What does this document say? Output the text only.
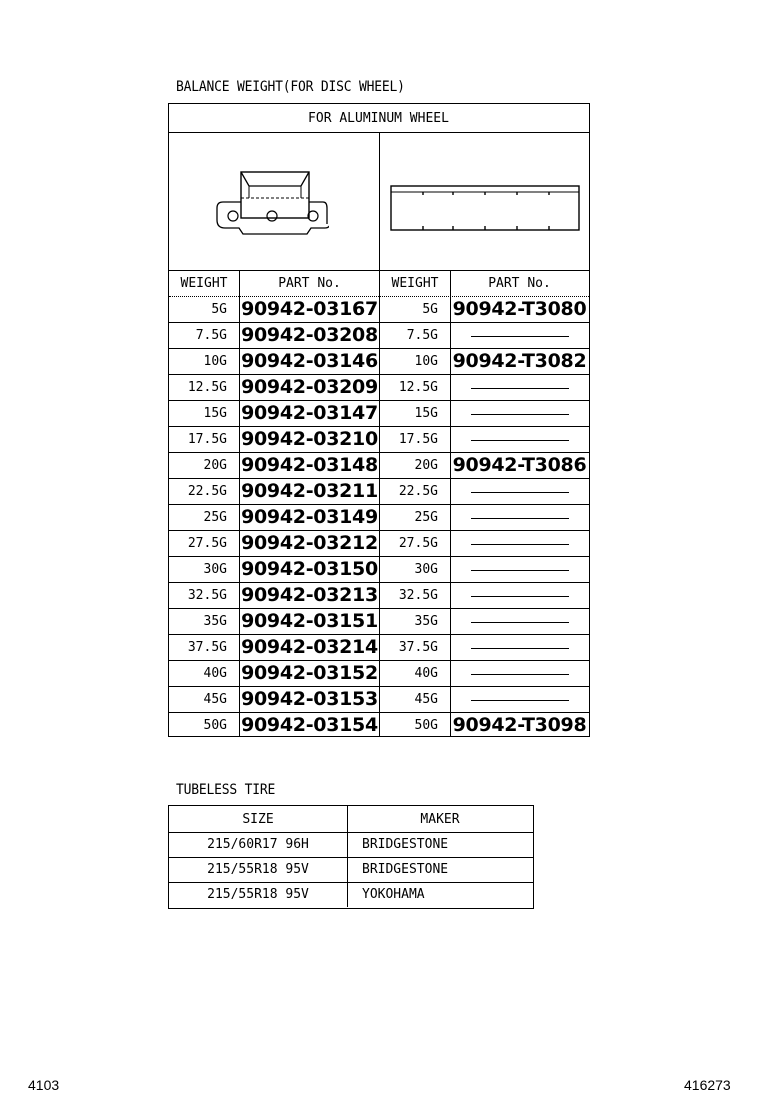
BALANCE WEIGHT(FOR DISC WHEEL)
FOR ALUMINUM WHEEL
WEIGHT	PART No.	WEIGHT	PART No.
5G 90942-03167	5G 90942-T3080
7.5G 90942-03208	7.5G
10G 90942-03146	10G 90942-T3082
12.5G 90942-03209	12.5G
15G 90942-03147	15G
17.5G 90942-03210	17.5G
20G 90942-03148	20G 90942-T3086
22.5G 90942-03211	22.5G
25G 90942-03149	25G
27.5G 90942-03212	27.5G
30G 90942-03150	30G
32.5G 90942-03213	32.5G
35G 90942-03151	35G
37.5G 90942-03214	37.5G
40G 90942-03152	40G
45G 90942-03153	45G
50G 90942-03154	50G 90942-T3098
TUBELESS TIRE
SIZE	MAKER
215/60R17 96H	BRIDGESTONE
215/55R18 95V	BRIDGESTONE
215/55R18 95V	YOKOHAMA
4103	416273
